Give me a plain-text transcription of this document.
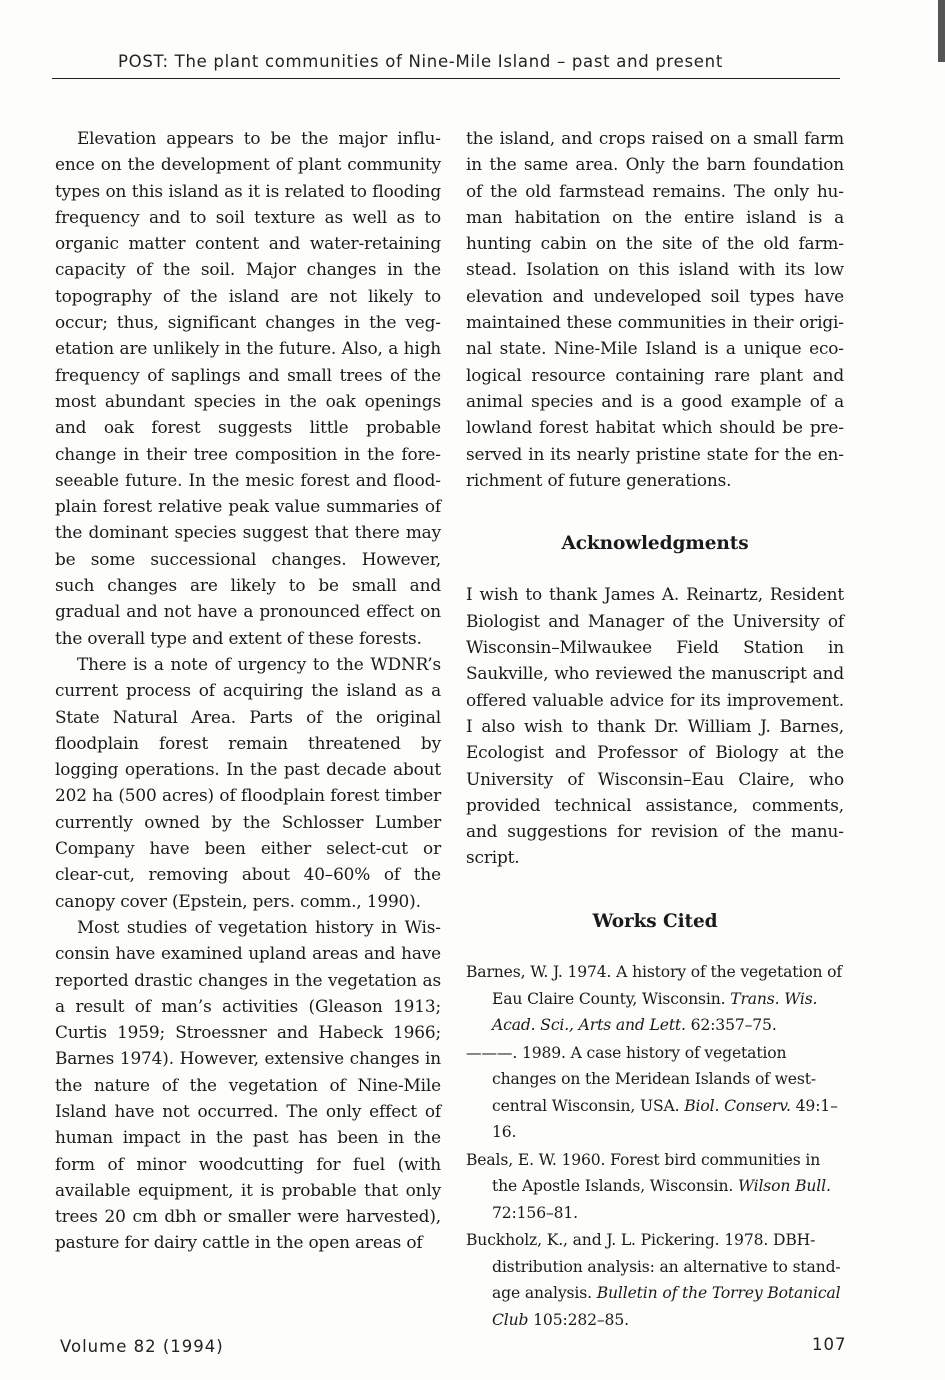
POST: The plant communities of Nine-Mile Island – past and present

Elevation appears to be the major influence on the development of plant community types on this island as it is related to flooding frequency and to soil texture as well as to organic matter content and water-retaining capacity of the soil. Major changes in the topography of the island are not likely to occur; thus, significant changes in the vegetation are unlikely in the future. Also, a high frequency of saplings and small trees of the most abundant species in the oak openings and oak forest suggests little probable change in their tree composition in the foreseeable future. In the mesic forest and floodplain forest relative peak value summaries of the dominant species suggest that there may be some successional changes. However, such changes are likely to be small and gradual and not have a pronounced effect on the overall type and extent of these forests.

There is a note of urgency to the WDNR’s current process of acquiring the island as a State Natural Area. Parts of the original floodplain forest remain threatened by logging operations. In the past decade about 202 ha (500 acres) of floodplain forest timber currently owned by the Schlosser Lumber Company have been either select-cut or clear-cut, removing about 40–60% of the canopy cover (Epstein, pers. comm., 1990).

Most studies of vegetation history in Wisconsin have examined upland areas and have reported drastic changes in the vegetation as a result of man’s activities (Gleason 1913; Curtis 1959; Stroessner and Habeck 1966; Barnes 1974). However, extensive changes in the nature of the vegetation of Nine-Mile Island have not occurred. The only effect of human impact in the past has been in the form of minor woodcutting for fuel (with available equipment, it is probable that only trees 20 cm dbh or smaller were harvested), pasture for dairy cattle in the open areas of

the island, and crops raised on a small farm in the same area. Only the barn foundation of the old farmstead remains. The only human habitation on the entire island is a hunting cabin on the site of the old farmstead. Isolation on this island with its low elevation and undeveloped soil types have maintained these communities in their original state. Nine-Mile Island is a unique ecological resource containing rare plant and animal species and is a good example of a lowland forest habitat which should be preserved in its nearly pristine state for the enrichment of future generations.

Acknowledgments

I wish to thank James A. Reinartz, Resident Biologist and Manager of the University of Wisconsin–Milwaukee Field Station in Saukville, who reviewed the manuscript and offered valuable advice for its improvement. I also wish to thank Dr. William J. Barnes, Ecologist and Professor of Biology at the University of Wisconsin–Eau Claire, who provided technical assistance, comments, and suggestions for revision of the manuscript.

Works Cited
Barnes, W. J. 1974. A history of the vegetation of Eau Claire County, Wisconsin. Trans. Wis. Acad. Sci., Arts and Lett. 62:357–75.
———. 1989. A case history of vegetation changes on the Meridean Islands of west-central Wisconsin, USA. Biol. Conserv. 49:1–16.
Beals, E. W. 1960. Forest bird communities in the Apostle Islands, Wisconsin. Wilson Bull. 72:156–81.
Buckholz, K., and J. L. Pickering. 1978. DBH-distribution analysis: an alternative to stand-age analysis. Bulletin of the Torrey Botanical Club 105:282–85.
Volume 82 (1994)	107
